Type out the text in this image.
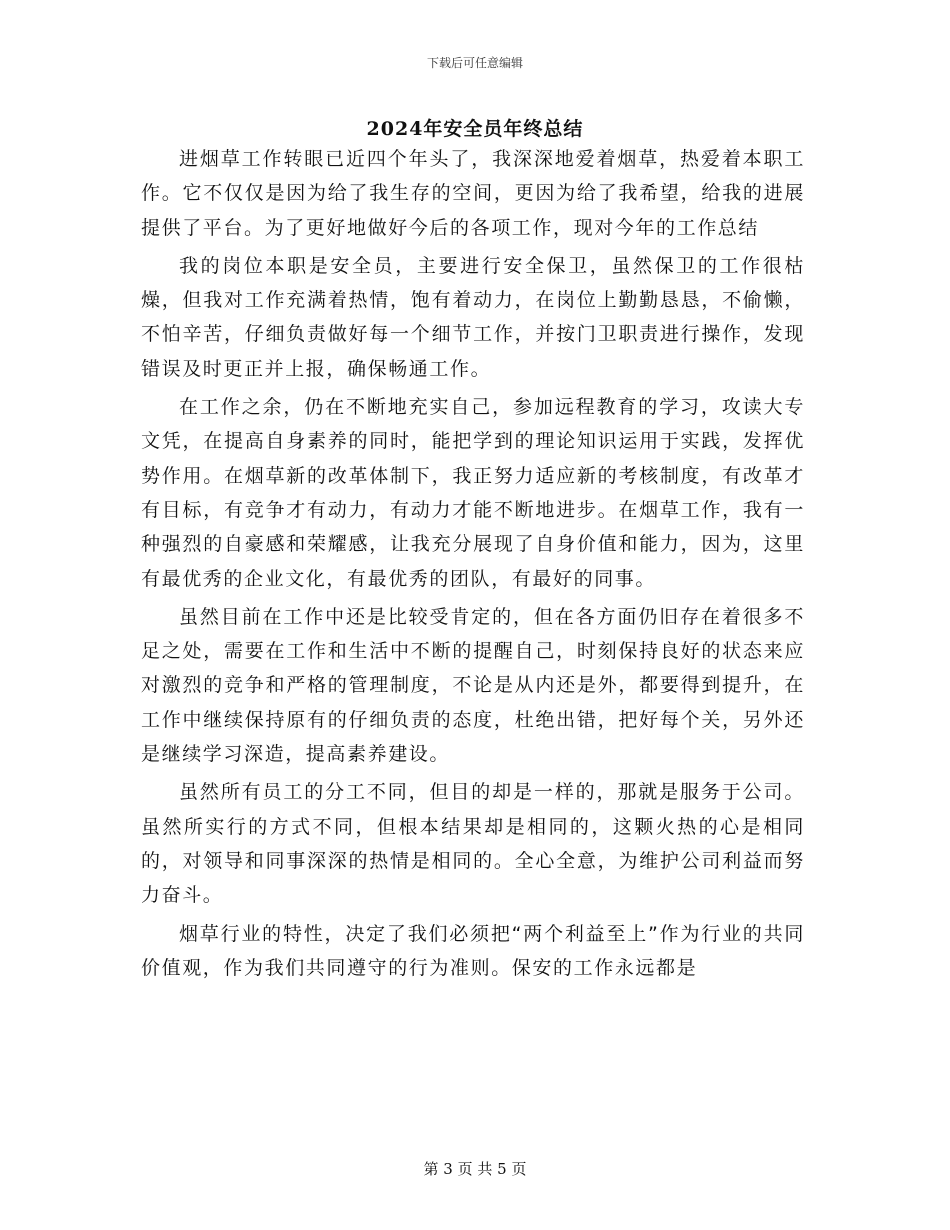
下载后可任意编辑
2024年安全员年终总结

进烟草工作转眼已近四个年头了，我深深地爱着烟草，热爱着本职工作。它不仅仅是因为给了我生存的空间，更因为给了我希望，给我的进展提供了平台。为了更好地做好今后的各项工作，现对今年的工作总结

我的岗位本职是安全员，主要进行安全保卫，虽然保卫的工作很枯燥，但我对工作充满着热情，饱有着动力，在岗位上勤勤恳恳，不偷懒，不怕辛苦，仔细负责做好每一个细节工作，并按门卫职责进行操作，发现错误及时更正并上报，确保畅通工作。

在工作之余，仍在不断地充实自己，参加远程教育的学习，攻读大专文凭，在提高自身素养的同时，能把学到的理论知识运用于实践，发挥优势作用。在烟草新的改革体制下，我正努力适应新的考核制度，有改革才有目标，有竞争才有动力，有动力才能不断地进步。在烟草工作，我有一种强烈的自豪感和荣耀感，让我充分展现了自身价值和能力，因为，这里有最优秀的企业文化，有最优秀的团队，有最好的同事。

虽然目前在工作中还是比较受肯定的，但在各方面仍旧存在着很多不足之处，需要在工作和生活中不断的提醒自己，时刻保持良好的状态来应对激烈的竞争和严格的管理制度，不论是从内还是外，都要得到提升，在工作中继续保持原有的仔细负责的态度，杜绝出错，把好每个关，另外还是继续学习深造，提高素养建设。

虽然所有员工的分工不同，但目的却是一样的，那就是服务于公司。虽然所实行的方式不同，但根本结果却是相同的，这颗火热的心是相同的，对领导和同事深深的热情是相同的。全心全意，为维护公司利益而努力奋斗。

烟草行业的特性，决定了我们必须把“两个利益至上”作为行业的共同价值观，作为我们共同遵守的行为准则。保安的工作永远都是

第 3 页 共 5 页
